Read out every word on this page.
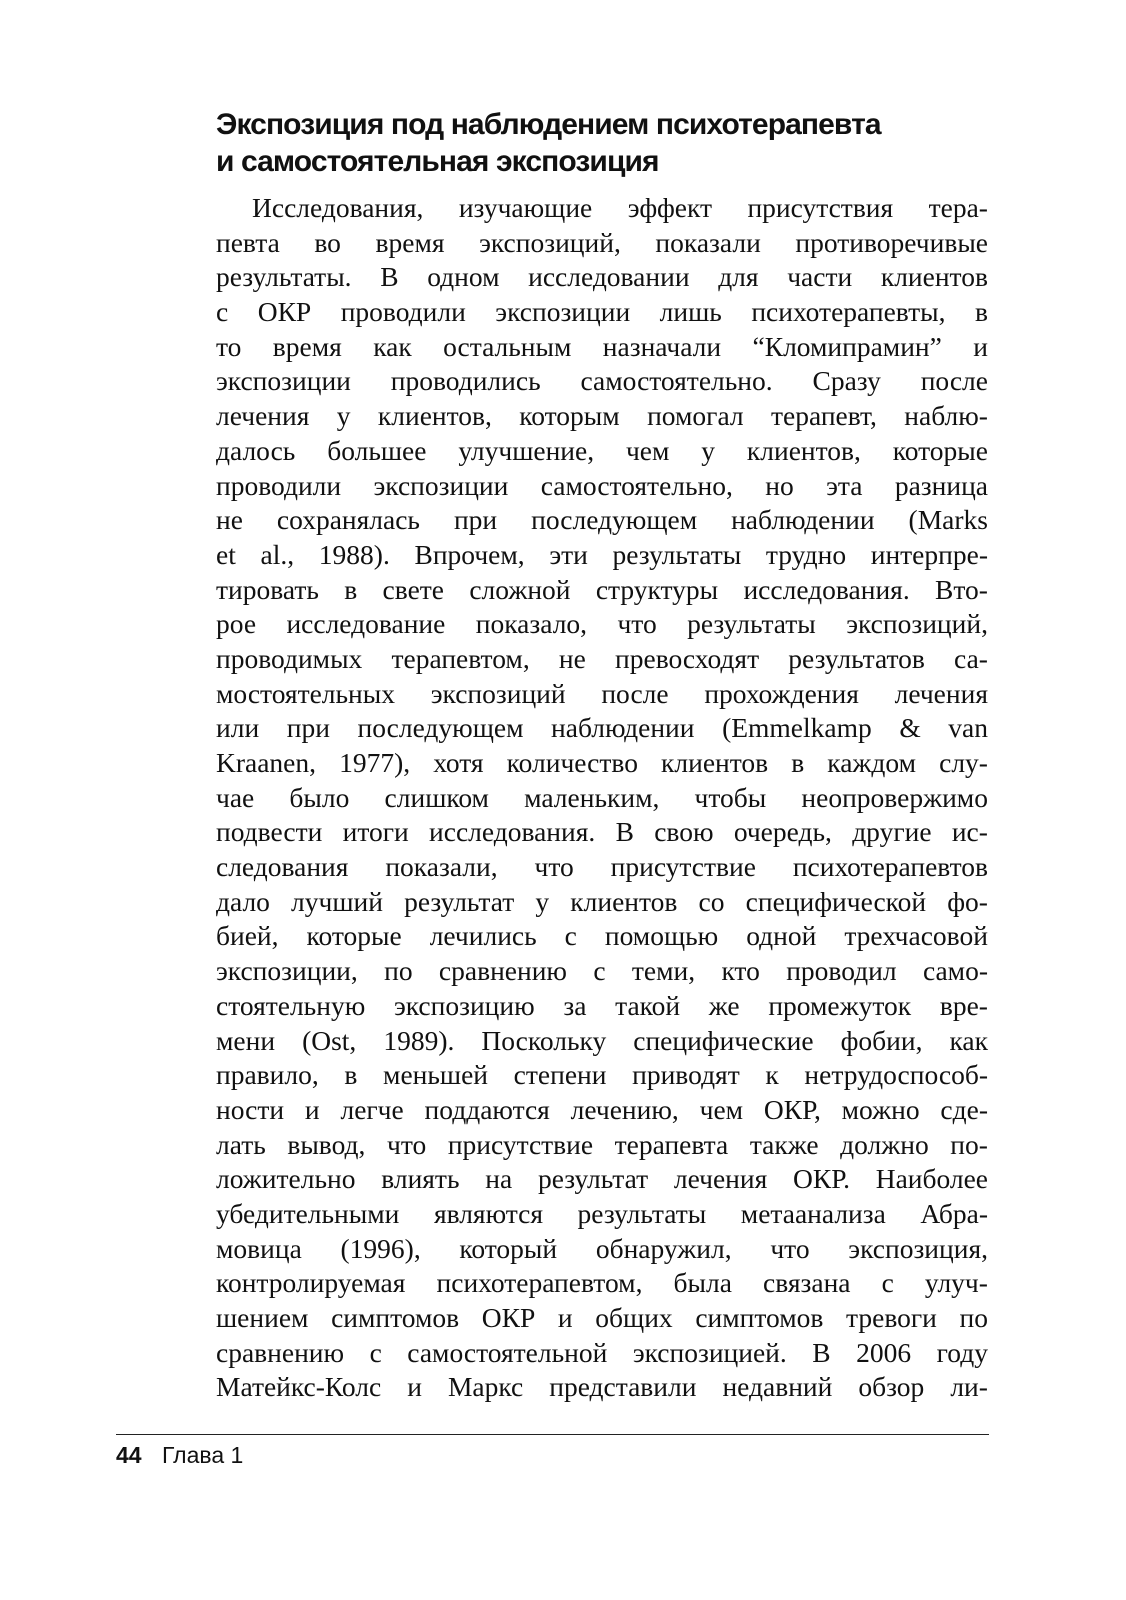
Экспозиция под наблюдением психотерапевта
и самостоятельная экспозиция
Исследования, изучающие эффект присутствия тера-
певта во время экспозиций, показали противоречивые
результаты. В одном исследовании для части клиентов
с ОКР проводили экспозиции лишь психотерапевты, в
то время как остальным назначали “Кломипрамин” и
экспозиции проводились самостоятельно. Сразу после
лечения у клиентов, которым помогал терапевт, наблю-
далось большее улучшение, чем у клиентов, которые
проводили экспозиции самостоятельно, но эта разница
не сохранялась при последующем наблюдении (Marks
et al., 1988). Впрочем, эти результаты трудно интерпре-
тировать в свете сложной структуры исследования. Вто-
рое исследование показало, что результаты экспозиций,
проводимых терапевтом, не превосходят результатов са-
мостоятельных экспозиций после прохождения лечения
или при последующем наблюдении (Emmelkamp & van
Kraanen, 1977), хотя количество клиентов в каждом слу-
чае было слишком маленьким, чтобы неопровержимо
подвести итоги исследования. В свою очередь, другие ис-
следования показали, что присутствие психотерапевтов
дало лучший результат у клиентов со специфической фо-
бией, которые лечились с помощью одной трехчасовой
экспозиции, по сравнению с теми, кто проводил само-
стоятельную экспозицию за такой же промежуток вре-
мени (Ost, 1989). Поскольку специфические фобии, как
правило, в меньшей степени приводят к нетрудоспособ-
ности и легче поддаются лечению, чем ОКР, можно сде-
лать вывод, что присутствие терапевта также должно по-
ложительно влиять на результат лечения ОКР. Наиболее
убедительными являются результаты метаанализа Абра-
мовица (1996), который обнаружил, что экспозиция,
контролируемая психотерапевтом, была связана с улуч-
шением симптомов ОКР и общих симптомов тревоги по
сравнению с самостоятельной экспозицией. В 2006 году
Матейкс-Колс и Маркс представили недавний обзор ли-
44 Глава 1
